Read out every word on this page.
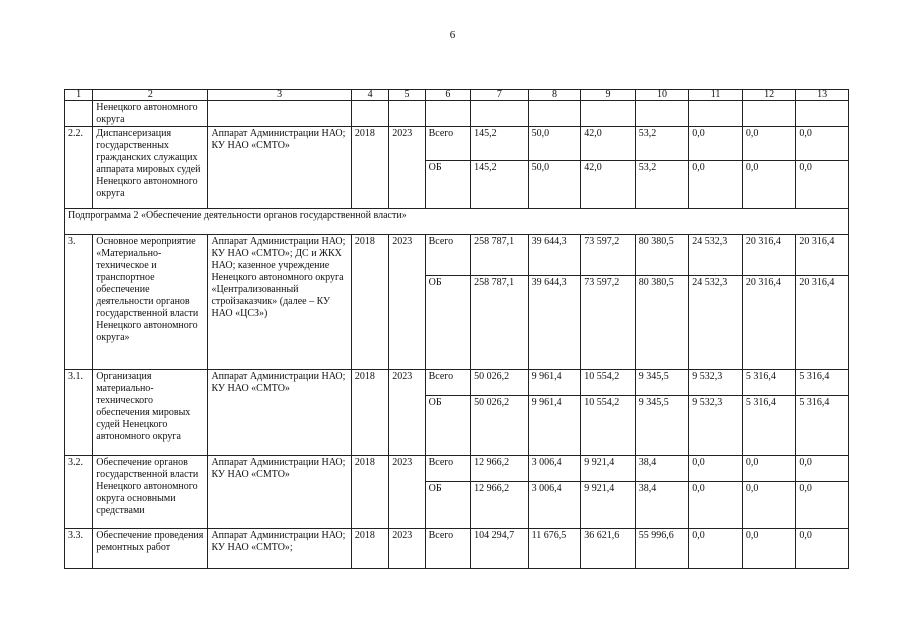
6
1	2	3	4	5	6	7	8	9	10	11	12	13
	Ненецкого автономного округа											
2.2.	Диспансеризация государственных гражданских служащих аппарата мировых судей Ненецкого автономного округа	Аппарат Администрации НАО; КУ НАО «СМТО»	2018	2023	Всего	145,2	50,0	42,0	53,2	0,0	0,0	0,0
					ОБ	145,2	50,0	42,0	53,2	0,0	0,0	0,0
Подпрограмма 2 «Обеспечение деятельности органов государственной власти»												
3.	Основное мероприятие «Материально-техническое и транспортное обеспечение деятельности органов государственной власти Ненецкого автономного округа»	Аппарат Администрации НАО; КУ НАО «СМТО»; ДС и ЖКХ НАО; казенное учреждение Ненецкого автономного округа «Централизованный стройзаказчик» (далее – КУ НАО «ЦСЗ»)	2018	2023	Всего	258 787,1	39 644,3	73 597,2	80 380,5	24 532,3	20 316,4	20 316,4
					ОБ	258 787,1	39 644,3	73 597,2	80 380,5	24 532,3	20 316,4	20 316,4
3.1.	Организация материально-технического обеспечения мировых судей Ненецкого автономного округа	Аппарат Администрации НАО; КУ НАО «СМТО»	2018	2023	Всего	50 026,2	9 961,4	10 554,2	9 345,5	9 532,3	5 316,4	5 316,4
					ОБ	50 026,2	9 961,4	10 554,2	9 345,5	9 532,3	5 316,4	5 316,4
3.2.	Обеспечение органов государственной власти Ненецкого автономного округа основными средствами	Аппарат Администрации НАО; КУ НАО «СМТО»	2018	2023	Всего	12 966,2	3 006,4	9 921,4	38,4	0,0	0,0	0,0
					ОБ	12 966,2	3 006,4	9 921,4	38,4	0,0	0,0	0,0
3.3.	Обеспечение проведения ремонтных работ	Аппарат Администрации НАО; КУ НАО «СМТО»;	2018	2023	Всего	104 294,7	11 676,5	36 621,6	55 996,6	0,0	0,0	0,0
